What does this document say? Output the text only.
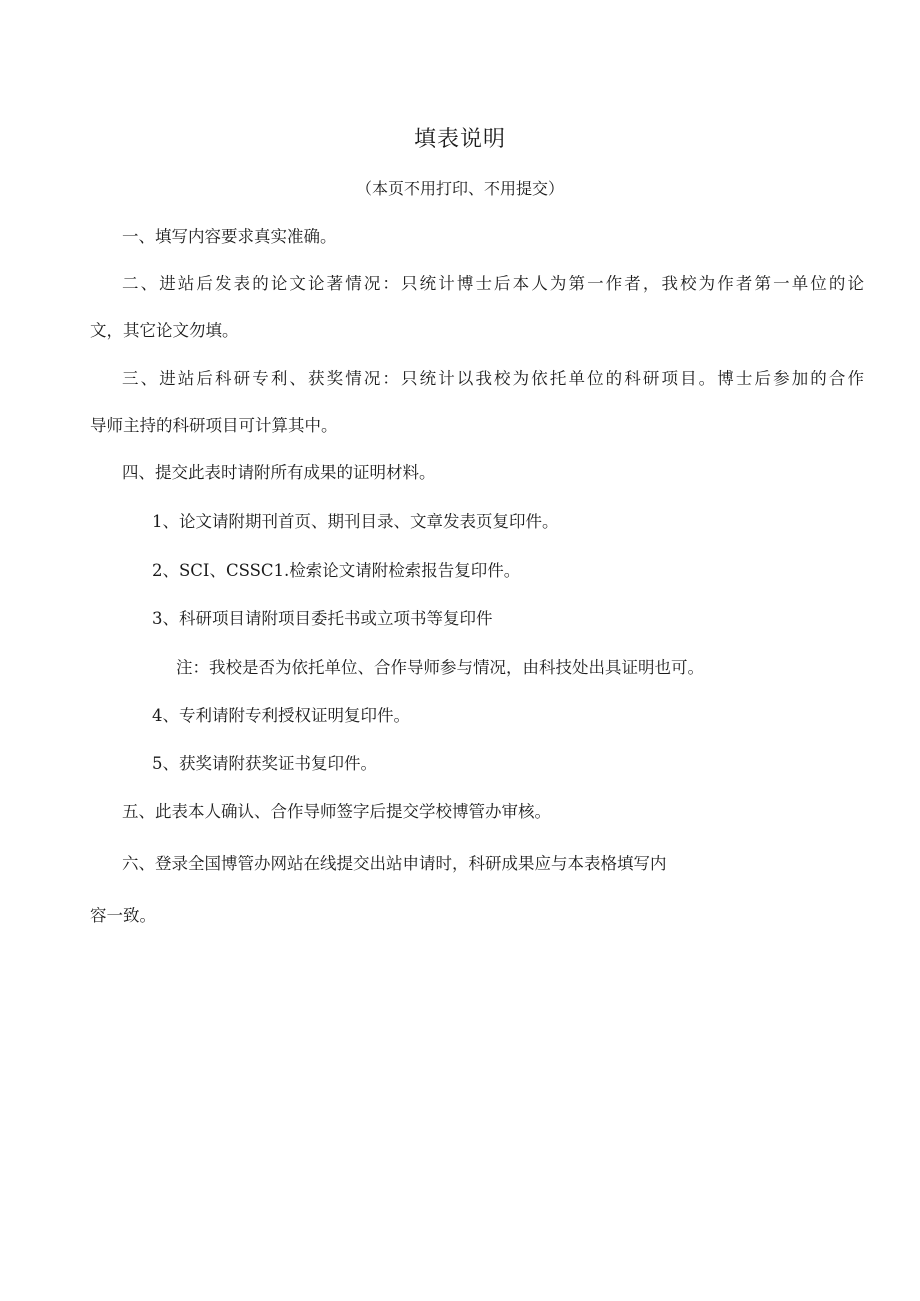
填表说明
（本页不用打印、不用提交）
一、填写内容要求真实准确。
二、进站后发表的论文论著情况：只统计博士后本人为第一作者，我校为作者第一单位的论
文，其它论文勿填。
三、进站后科研专利、获奖情况：只统计以我校为依托单位的科研项目。博士后参加的合作
导师主持的科研项目可计算其中。
四、提交此表时请附所有成果的证明材料。
1、论文请附期刊首页、期刊目录、文章发表页复印件。
2、SCI、CSSC1.检索论文请附检索报告复印件。
3、科研项目请附项目委托书或立项书等复印件
注：我校是否为依托单位、合作导师参与情况，由科技处出具证明也可。
4、专利请附专利授权证明复印件。
5、获奖请附获奖证书复印件。
五、此表本人确认、合作导师签字后提交学校博管办审核。
六、登录全国博管办网站在线提交出站申请时，科研成果应与本表格填写内
容一致。
